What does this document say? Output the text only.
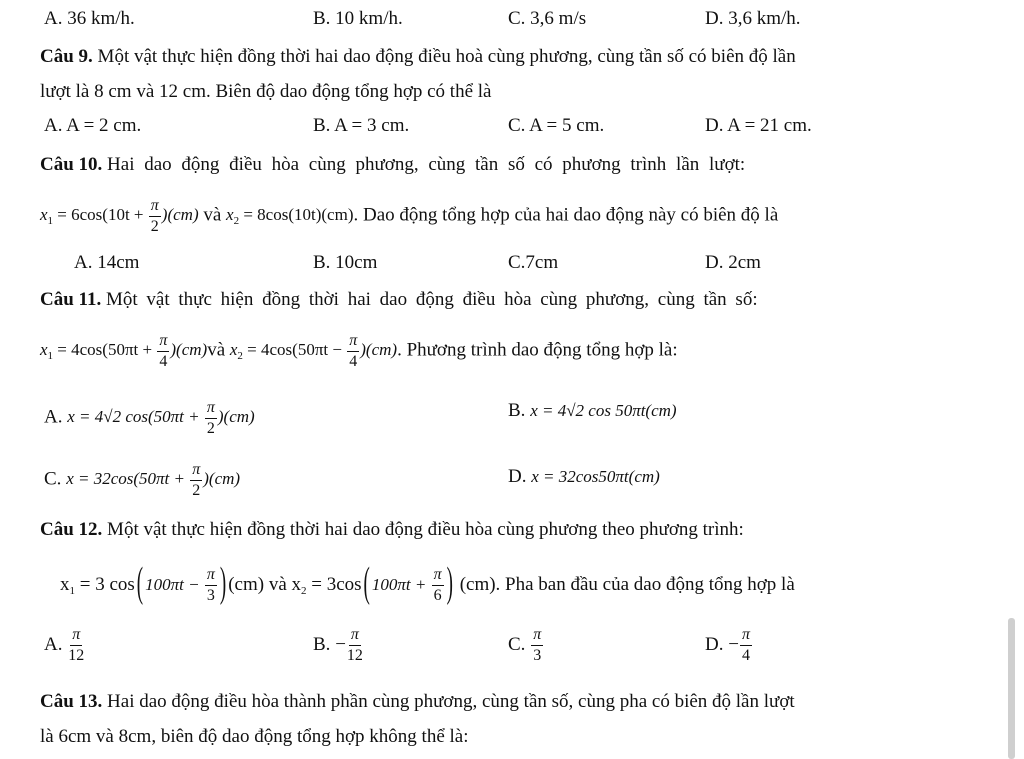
A. 36 km/h.	B. 10 km/h.	C. 3,6 m/s	D. 3,6 km/h.
Câu 9. Một vật thực hiện đồng thời hai dao động điều hoà cùng phương, cùng tần số có biên độ lần
lượt là 8 cm và 12 cm. Biên độ dao động tổng hợp có thể là
A. A = 2 cm.	B. A = 3 cm.	C. A = 5 cm.	D. A = 21 cm.
Câu 10. Hai dao động điều hòa cùng phương, cùng tần số có phương trình lần lượt:
$x_1 = 6\cos(10t + \frac{\pi}{2} )(cm)$ và $x_2 = 8\cos(10t)(cm)$. Dao động tổng hợp của hai dao động này có biên độ là
A. 14cm	B. 10cm	C.7cm	D. 2cm
Câu 11. Một vật thực hiện đồng thời hai dao động điều hòa cùng phương, cùng tần số:
$x_1 = 4\cos(50\pi t + \frac{\pi}{4}$ )(cm)và $x_2 = 4\cos(50\pi t - \frac{\pi}{4} )(cm)$. Phương trình dao động tổng hợp là:
A. x = 4√2 $\cos(50\pi t + \frac{\pi}{2} )(cm)$	B. x = 4√2 cos 50πt(cm)
C. $x = 32\cos(50\pi t + \frac{\pi}{2} )(cm)$	D. x = 32cos50πt(cm)
Câu 12. Một vật thực hiện đồng thời hai dao động điều hòa cùng phương theo phương trình:
$x_1 = 3$ cos ( $100\pi t - \frac{\pi}{3}$ ) (cm) và $x_2 = 3\cos$ ( $100\pi t + \frac{\pi}{6}$ ) (cm). Pha ban đầu của dao động tổng hợp là
A. $\frac{\pi}{12}$	B. − $\frac{\pi}{12}$	C. $\frac{\pi}{3}$	D. − $\frac{\pi}{4}$
Câu 13. Hai dao động điều hòa thành phần cùng phương, cùng tần số, cùng pha có biên độ lần lượt
là 6cm và 8cm, biên độ dao động tổng hợp không thể là:
